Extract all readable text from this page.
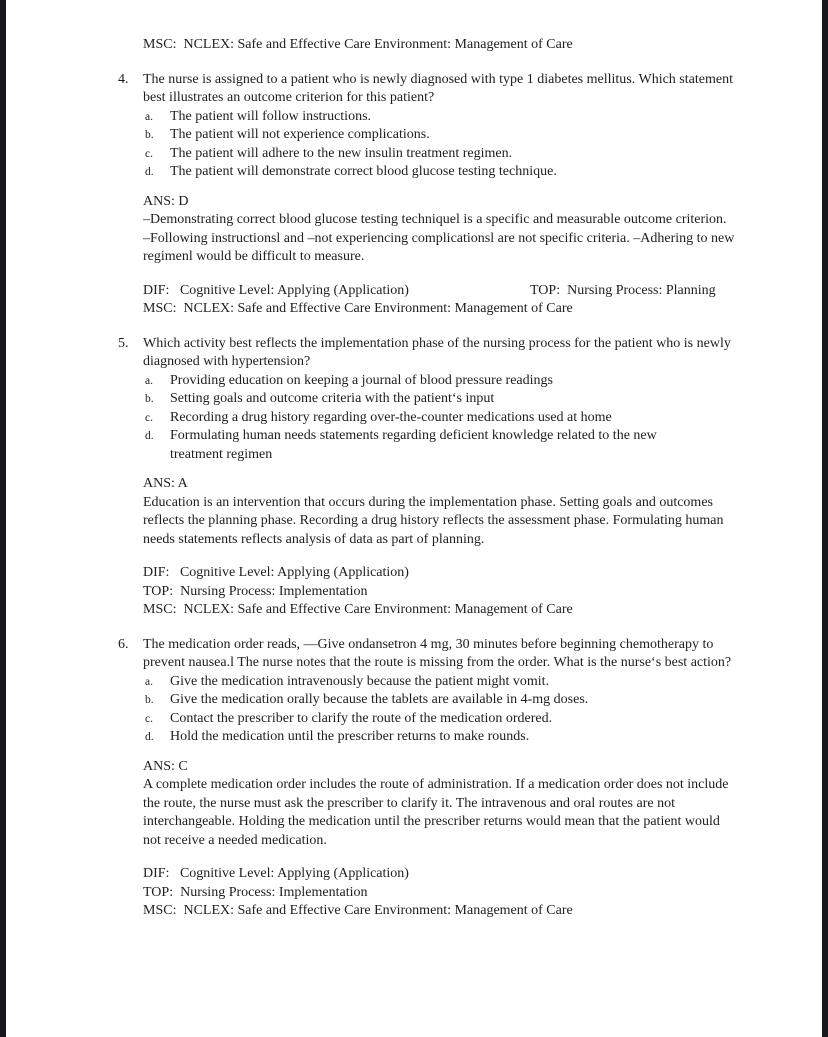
MSC:  NCLEX: Safe and Effective Care Environment: Management of Care
4.	The nurse is assigned to a patient who is newly diagnosed with type 1 diabetes mellitus. Which statement best illustrates an outcome criterion for this patient?
a.	The patient will follow instructions.
b.	The patient will not experience complications.
c.	The patient will adhere to the new insulin treatment regimen.
d.	The patient will demonstrate correct blood glucose testing technique.
ANS: D
–Demonstrating correct blood glucose testing techniquel is a specific and measurable outcome criterion. –Following instructionsl and –not experiencing complicationsl are not specific criteria. –Adhering to new regimenl would be difficult to measure.
DIF:   Cognitive Level: Applying (Application)	TOP:  Nursing Process: Planning
MSC:  NCLEX: Safe and Effective Care Environment: Management of Care
5.	Which activity best reflects the implementation phase of the nursing process for the patient who is newly diagnosed with hypertension?
a.	Providing education on keeping a journal of blood pressure readings
b.	Setting goals and outcome criteria with the patient‘s input
c.	Recording a drug history regarding over-the-counter medications used at home
d.	Formulating human needs statements regarding deficient knowledge related to the new treatment regimen
ANS: A
Education is an intervention that occurs during the implementation phase. Setting goals and outcomes reflects the planning phase. Recording a drug history reflects the assessment phase. Formulating human needs statements reflects analysis of data as part of planning.
DIF:   Cognitive Level: Applying (Application)
TOP:  Nursing Process: Implementation
MSC:  NCLEX: Safe and Effective Care Environment: Management of Care
6.	The medication order reads, —Give ondansetron 4 mg, 30 minutes before beginning chemotherapy to prevent nausea.l The nurse notes that the route is missing from the order. What is the nurse‘s best action?
a.	Give the medication intravenously because the patient might vomit.
b.	Give the medication orally because the tablets are available in 4-mg doses.
c.	Contact the prescriber to clarify the route of the medication ordered.
d.	Hold the medication until the prescriber returns to make rounds.
ANS: C
A complete medication order includes the route of administration. If a medication order does not include the route, the nurse must ask the prescriber to clarify it. The intravenous and oral routes are not interchangeable. Holding the medication until the prescriber returns would mean that the patient would not receive a needed medication.
DIF:   Cognitive Level: Applying (Application)
TOP:  Nursing Process: Implementation
MSC:  NCLEX: Safe and Effective Care Environment: Management of Care
